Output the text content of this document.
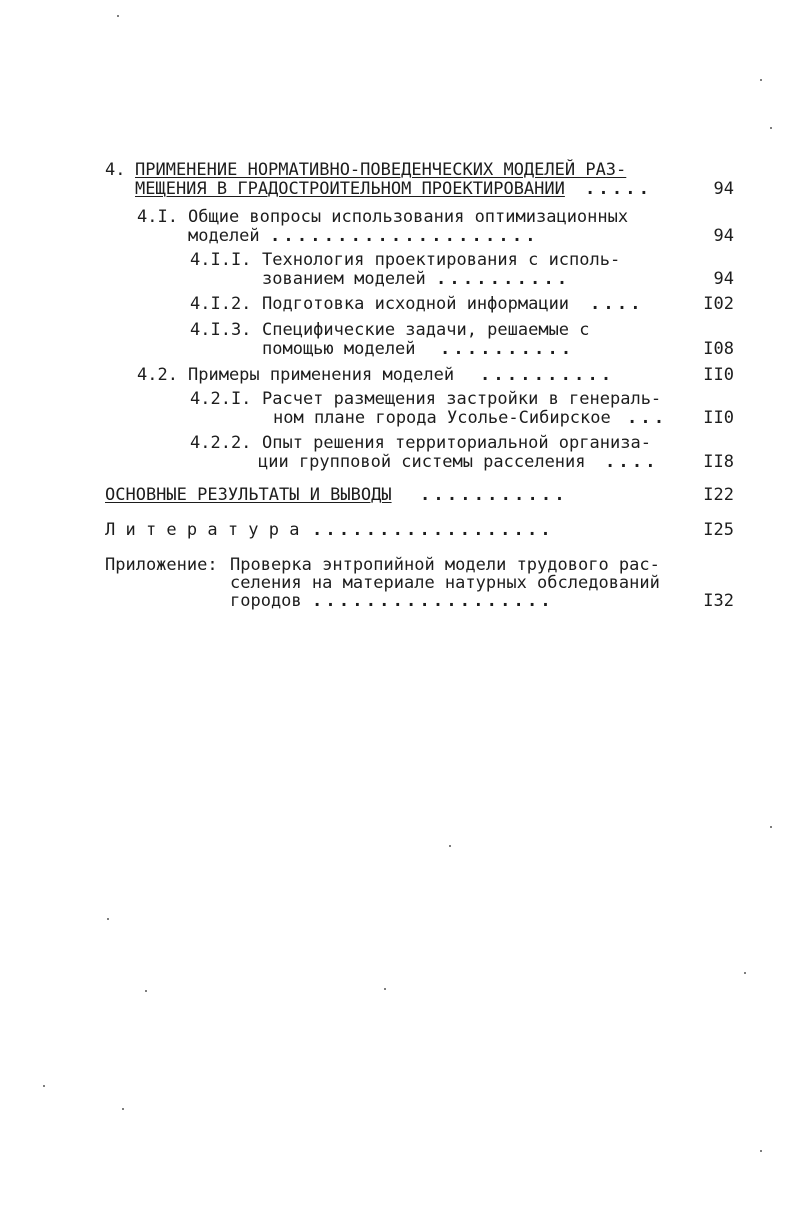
4. ПРИМЕНЕНИЕ НОРМАТИВНО-ПОВЕДЕНЧЕСКИХ МОДЕЛЕЙ РАЗ-
МЕЩЕНИЯ В ГРАДОСТРОИТЕЛЬНОМ ПРОЕКТИРОВАНИИ .....	94
4.I. Общие вопросы использования оптимизационных
моделей ....................	94
4.I.I. Технология проектирования с исполь-
зованием моделей ..........	94
4.I.2. Подготовка исходной информации ....	I02
4.I.3. Специфические задачи, решаемые с
помощью моделей ..........	I08
4.2. Примеры применения моделей ..........	II0
4.2.I. Расчет размещения застройки в генераль-
ном плане города Усолье-Сибирское ... II0
4.2.2. Опыт решения территориальной организа-
ции групповой системы расселения ....	II8
ОСНОВНЫЕ РЕЗУЛЬТАТЫ И ВЫВОДЫ ...........	I22
Л и т е р а т у р а ..................	I25
Приложение: Проверка энтропийной модели трудового рас-
селения на материале натурных обследований
городов ..................	I32
